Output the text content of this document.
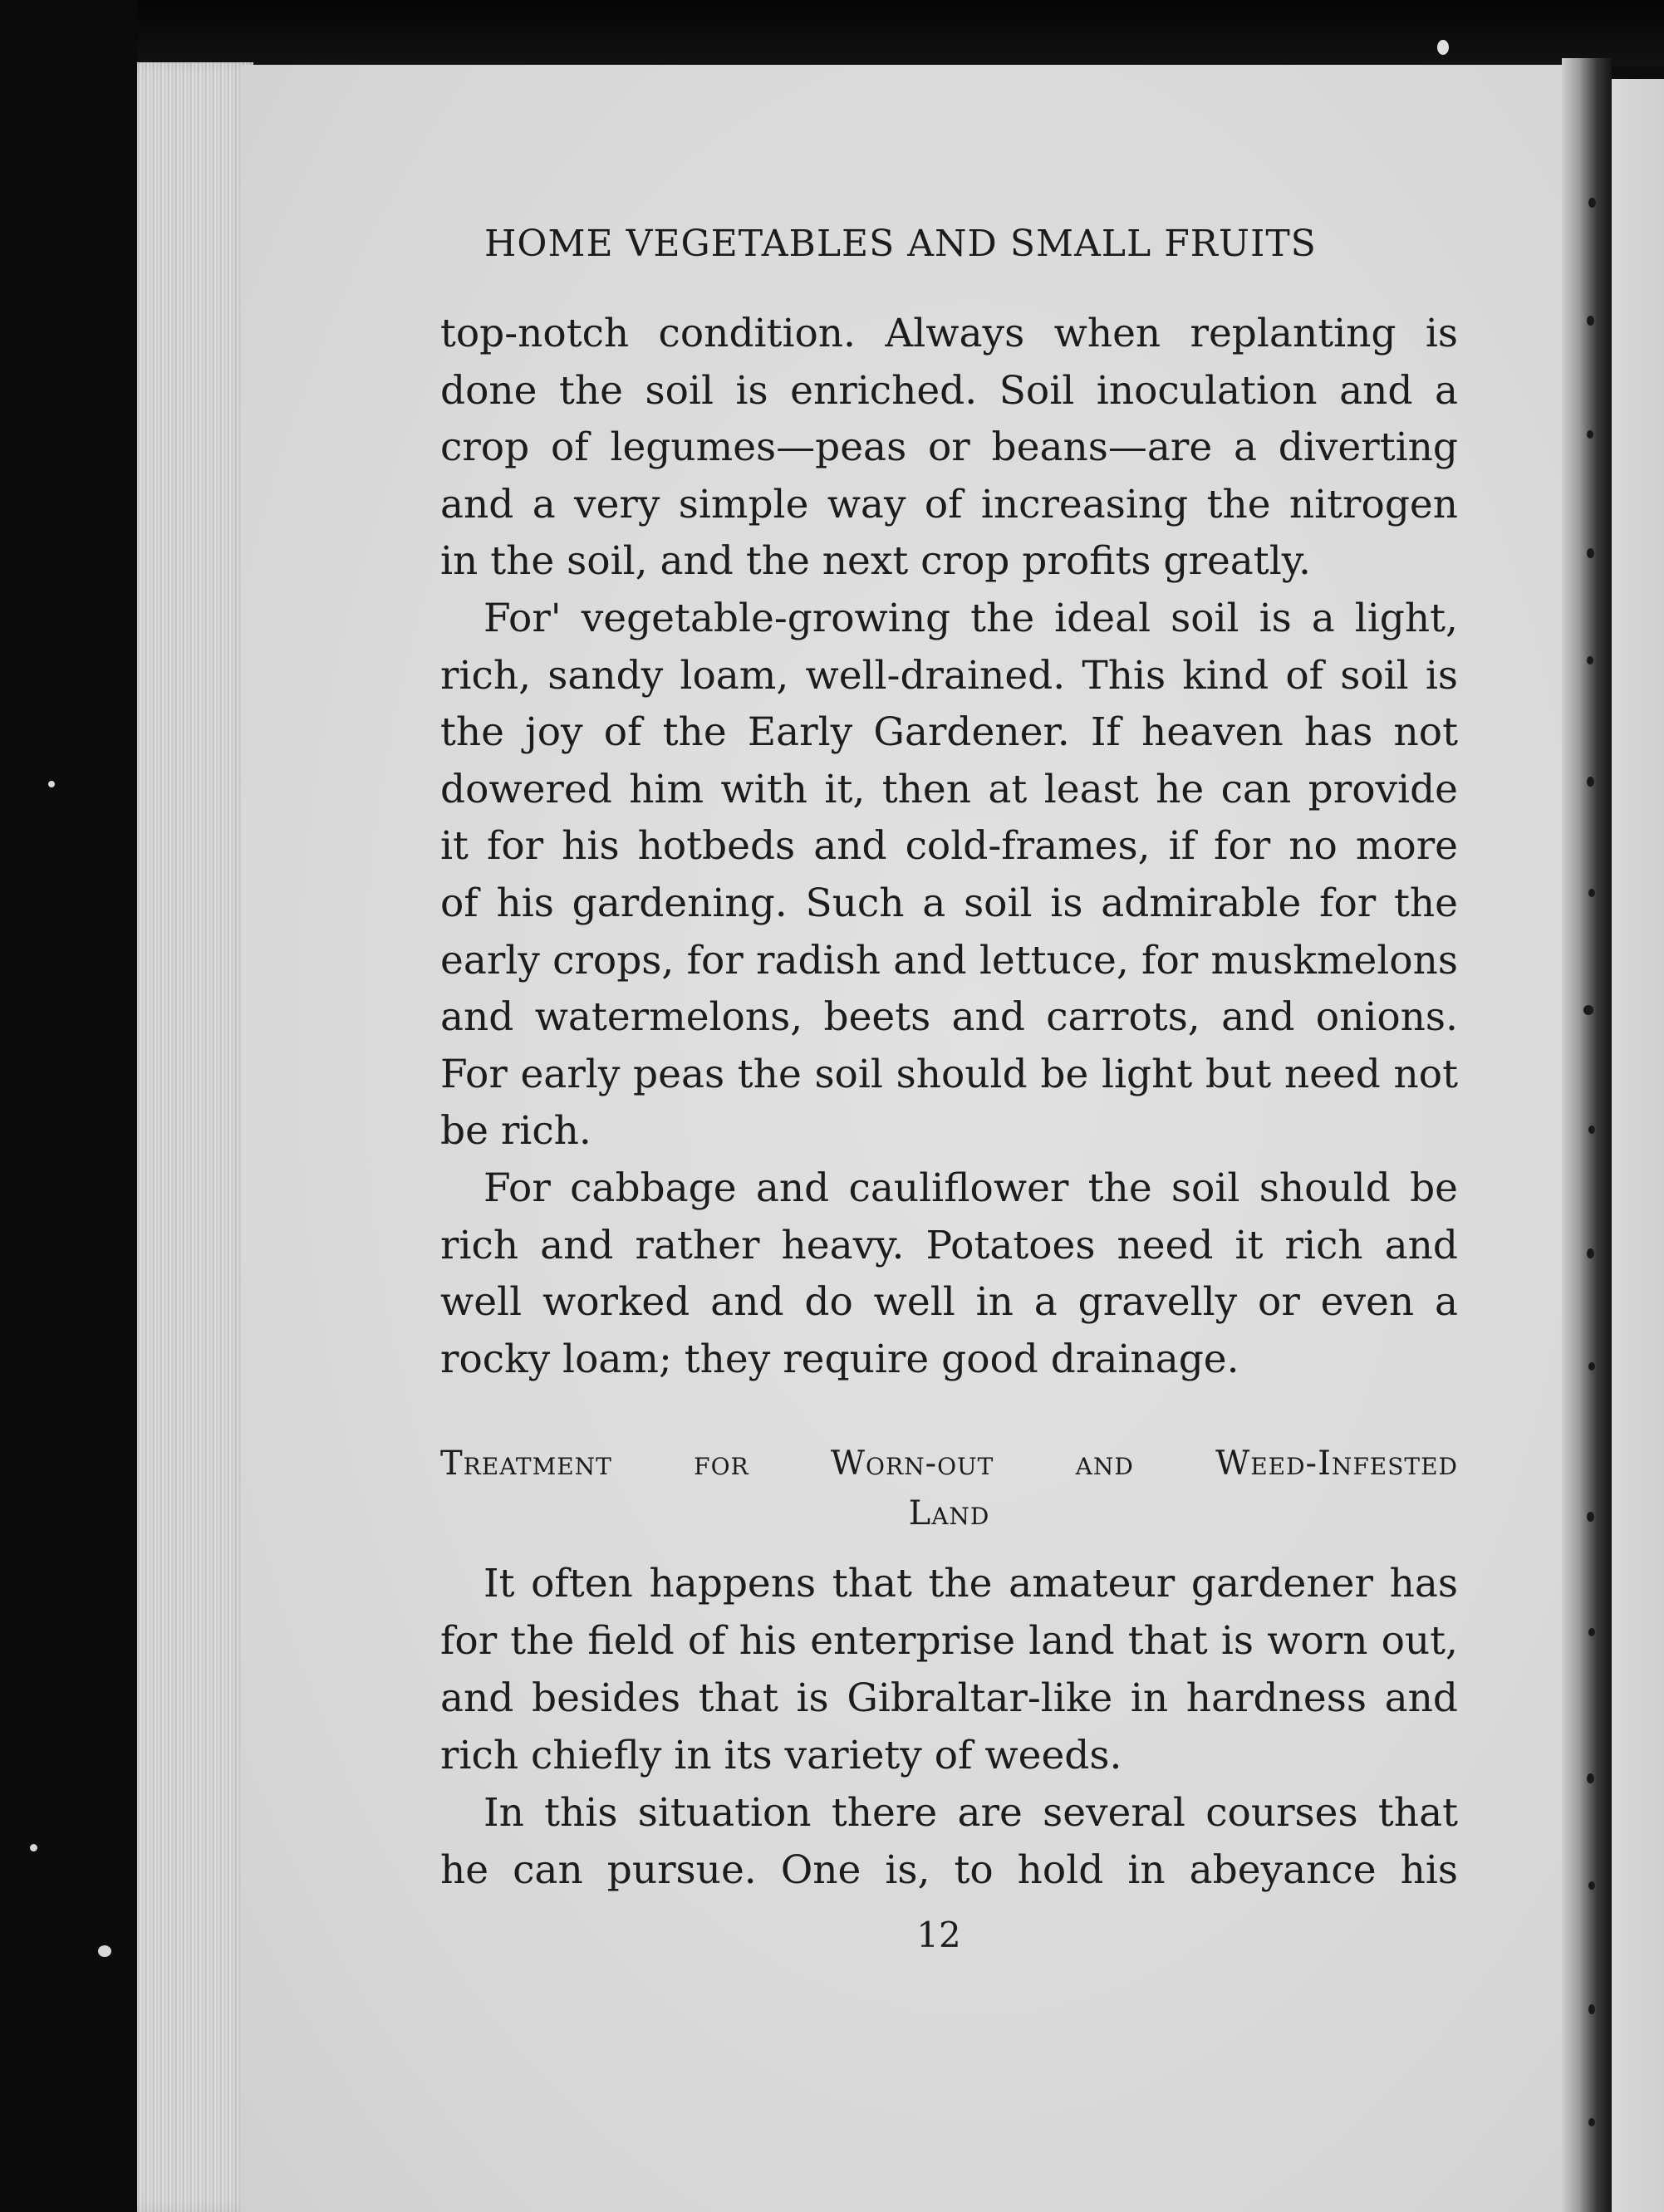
HOME VEGETABLES AND SMALL FRUITS
top-notch condition. Always when replanting is
done the soil is enriched. Soil inoculation and a
crop of legumes—peas or beans—are a diverting
and a very simple way of increasing the nitrogen
in the soil, and the next crop profits greatly.
For' vegetable-growing the ideal soil is a light,
rich, sandy loam, well-drained. This kind of soil is
the joy of the Early Gardener. If heaven has not
dowered him with it, then at least he can provide
it for his hotbeds and cold-frames, if for no more
of his gardening. Such a soil is admirable for the
early crops, for radish and lettuce, for muskmelons
and watermelons, beets and carrots, and onions.
For early peas the soil should be light but need not
be rich.
For cabbage and cauliflower the soil should be
rich and rather heavy. Potatoes need it rich and
well worked and do well in a gravelly or even a
rocky loam; they require good drainage.
Treatment for Worn-out and Weed-Infested
Land
It often happens that the amateur gardener has
for the field of his enterprise land that is worn out,
and besides that is Gibraltar-like in hardness and
rich chiefly in its variety of weeds.
In this situation there are several courses that
he can pursue. One is, to hold in abeyance his
12
